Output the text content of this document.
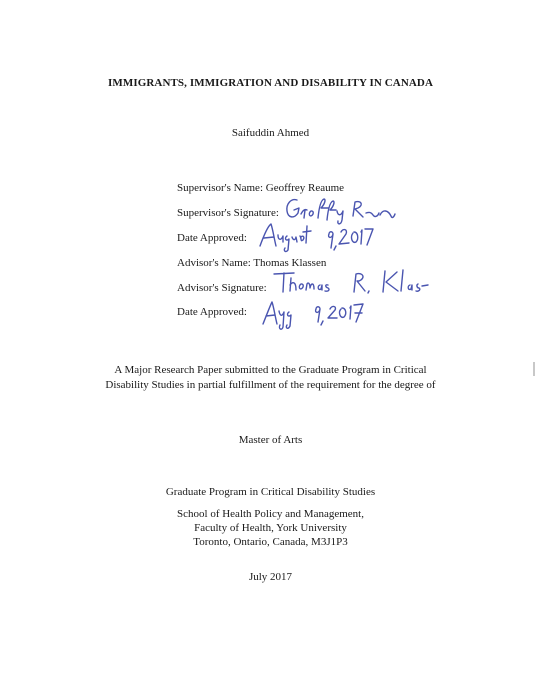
IMMIGRANTS, IMMIGRATION AND DISABILITY IN CANADA
Saifuddin Ahmed
Supervisor's Name: Geoffrey Reaume
Supervisor's Signature:
Date Approved:
Advisor's Name: Thomas Klassen
Advisor's Signature:
Date Approved:
A Major Research Paper submitted to the Graduate Program in Critical
Disability Studies in partial fulfillment of the requirement for the degree of
Master of Arts
Graduate Program in Critical Disability Studies
School of Health Policy and Management,
Faculty of Health, York University
Toronto, Ontario, Canada, M3J1P3
July 2017
